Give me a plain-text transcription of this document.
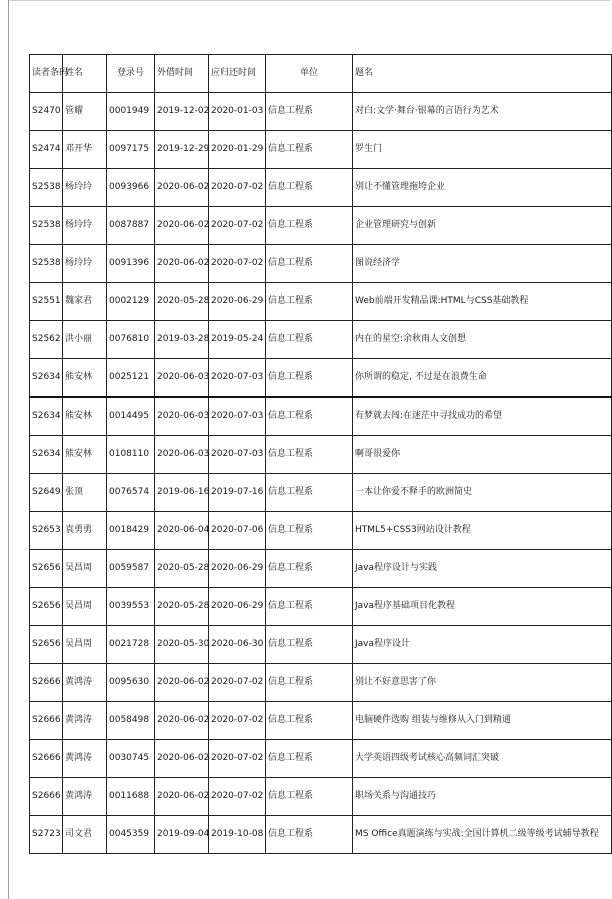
读者条码	姓名	登录号	外借时间	应归还时间	单位	题名
S2470	管耀	0001949	2019-12-02	2020-01-03	信息工程系	对白:文学·舞台·银幕的言语行为艺术
S2474	邓开华	0097175	2019-12-29	2020-01-29	信息工程系	罗生门
S2538	杨玲玲	0093966	2020-06-02	2020-07-02	信息工程系	别让不懂管理拖垮企业
S2538	杨玲玲	0087887	2020-06-02	2020-07-02	信息工程系	企业管理研究与创新
S2538	杨玲玲	0091396	2020-06-02	2020-07-02	信息工程系	图说经济学
S2551	魏家君	0002129	2020-05-28	2020-06-29	信息工程系	Web前端开发精品课:HTML与CSS基础教程
S2562	洪小丽	0076810	2019-03-28	2019-05-24	信息工程系	内在的星空:余秋雨人文创想
S2634	熊安林	0025121	2020-06-03	2020-07-03	信息工程系	你所谓的稳定, 不过是在浪费生命
S2634	熊安林	0014495	2020-06-03	2020-07-03	信息工程系	有梦就去闯:在迷茫中寻找成功的希望
S2634	熊安林	0108110	2020-06-03	2020-07-03	信息工程系	啊哥很爱你
S2649	张顶	0076574	2019-06-16	2019-07-16	信息工程系	一本让你爱不释手的欧洲简史
S2653	袁勇勇	0018429	2020-06-04	2020-07-06	信息工程系	HTML5+CSS3网站设计教程
S2656	吴昌周	0059587	2020-05-28	2020-06-29	信息工程系	Java程序设计与实践
S2656	吴昌周	0039553	2020-05-28	2020-06-29	信息工程系	Java程序基础项目化教程
S2656	吴昌周	0021728	2020-05-30	2020-06-30	信息工程系	Java程序设计
S2666	黄鸿涛	0095630	2020-06-02	2020-07-02	信息工程系	别让不好意思害了你
S2666	黄鸿涛	0058498	2020-06-02	2020-07-02	信息工程系	电脑硬件选购 组装与维修从入门到精通
S2666	黄鸿涛	0030745	2020-06-02	2020-07-02	信息工程系	大学英语四级考试核心高频词汇突破
S2666	黄鸿涛	0011688	2020-06-02	2020-07-02	信息工程系	职场关系与沟通技巧
S2723	司文君	0045359	2019-09-04	2019-10-08	信息工程系	MS Office真题演练与实战:全国计算机二级等级考试辅导教程
